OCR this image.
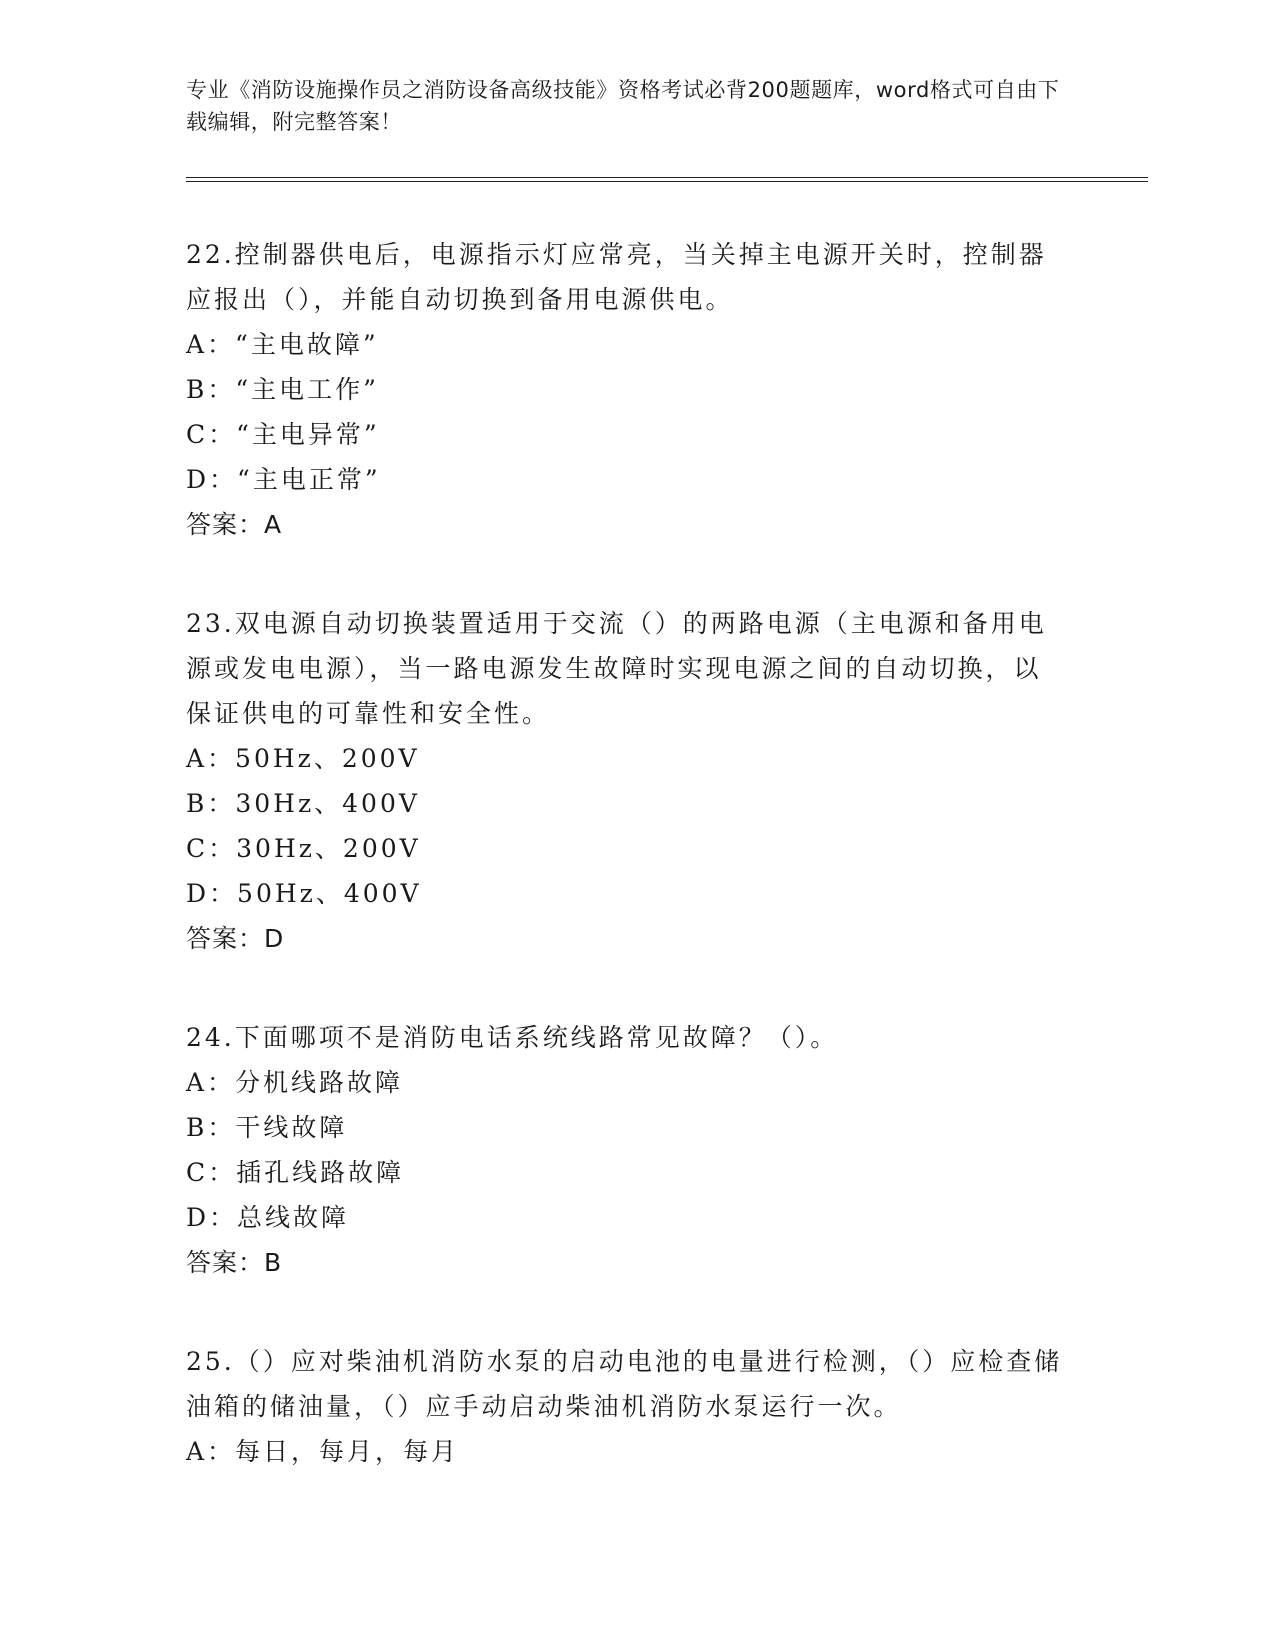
专业《消防设施操作员之消防设备高级技能》资格考试必背200题题库，word格式可自由下载编辑，附完整答案！
22.控制器供电后，电源指示灯应常亮，当关掉主电源开关时，控制器应报出（），并能自动切换到备用电源供电。
A：“主电故障”
B：“主电工作”
C：“主电异常”
D：“主电正常”
答案：A
23.双电源自动切换装置适用于交流（）的两路电源（主电源和备用电源或发电电源），当一路电源发生故障时实现电源之间的自动切换，以保证供电的可靠性和安全性。
A：50Hz、200V
B：30Hz、400V
C：30Hz、200V
D：50Hz、400V
答案：D
24.下面哪项不是消防电话系统线路常见故障？（）。
A：分机线路故障
B：干线故障
C：插孔线路故障
D：总线故障
答案：B
25.（）应对柴油机消防水泵的启动电池的电量进行检测，（）应检查储油箱的储油量，（）应手动启动柴油机消防水泵运行一次。
A：每日，每月，每月
